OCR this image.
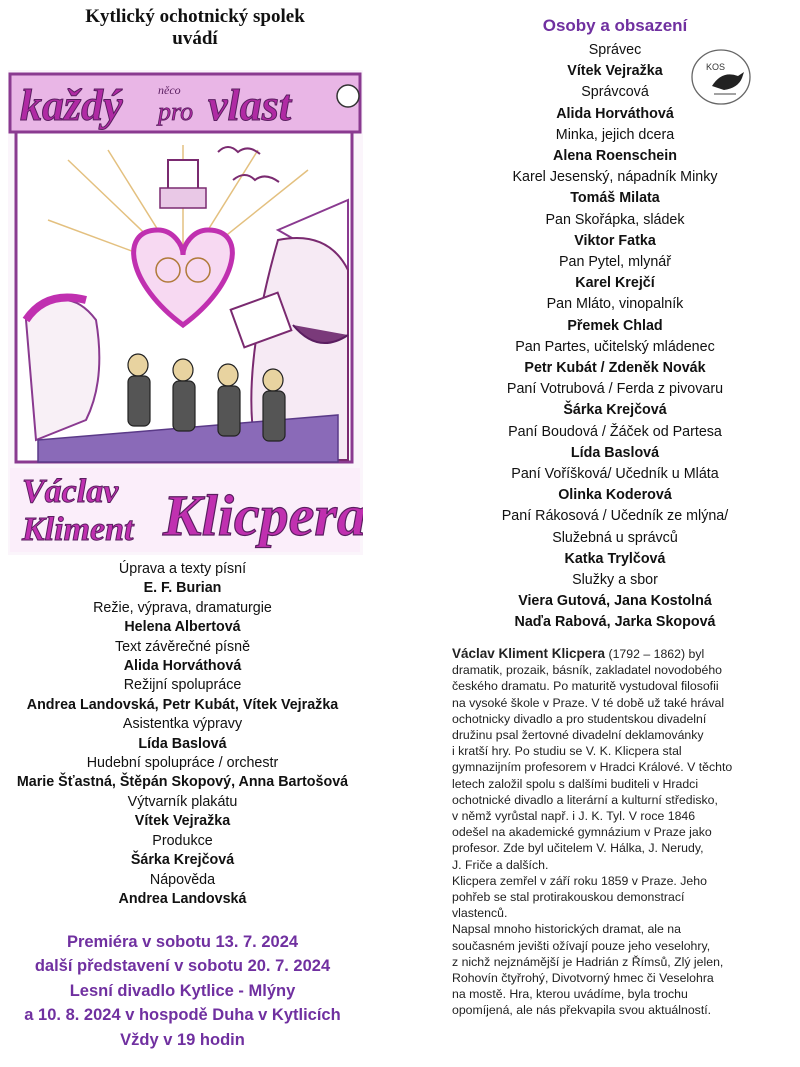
Kytlický ochotnický spolek
uvádí
každý	něco
pro vlast
Václav
Kliment Klicpera
Úprava a texty písní
E. F. Burian
Režie, výprava, dramaturgie
Helena Albertová
Text závěrečné písně
Alida Horváthová
Režijní spolupráce
Andrea Landovská, Petr Kubát, Vítek Vejražka
Asistentka výpravy
Lída Baslová
Hudební spolupráce / orchestr
Marie Šťastná, Štěpán Skopový, Anna Bartošová
Výtvarník plakátu
Vítek Vejražka
Produkce
Šárka Krejčová
Nápověda
Andrea Landovská
Premiéra v sobotu 13. 7. 2024
další představení v sobotu 20. 7. 2024
Lesní divadlo Kytlice - Mlýny
a 10. 8. 2024 v hospodě Duha v Kytlicích
Vždy v 19 hodin
Osoby a obsazení
KOS
Správec
Vítek Vejražka
Správcová
Alida Horváthová
Minka, jejich dcera
Alena Roenschein
Karel Jesenský, nápadník Minky
Tomáš Milata
Pan Skořápka, sládek
Viktor Fatka
Pan Pytel, mlynář
Karel Krejčí
Pan Mláto, vinopalník
Přemek Chlad
Pan Partes, učitelský mládenec
Petr Kubát / Zdeněk Novák
Paní Votrubová / Ferda z pivovaru
Šárka Krejčová
Paní Boudová / Žáček od Partesa
Lída Baslová
Paní Voříšková/ Učedník u Mláta
Olinka Koderová
Paní Rákosová / Učedník ze mlýna/
Služebná u správců
Katka Trylčová
Služky a sbor
Viera Gutová, Jana Kostolná
Naďa Rabová, Jarka Skopová
Václav Kliment Klicpera (1792 – 1862) byl
dramatik, prozaik, básník, zakladatel novodobého
českého dramatu. Po maturitě vystudoval filosofii
na vysoké škole v Praze. V té době už také hrával
ochotnicky divadlo a pro studentskou divadelní
družinu psal žertovné divadelní deklamovánky
i kratší hry. Po studiu se V. K. Klicpera stal
gymnazijním profesorem v Hradci Králové. V těchto
letech založil spolu s dalšími buditeli v Hradci
ochotnické divadlo a literární a kulturní středisko,
v němž vyrůstal např. i J. K. Tyl. V roce 1846
odešel na akademické gymnázium v Praze jako
profesor. Zde byl učitelem V. Hálka, J. Nerudy,
J. Friče a dalších.
Klicpera zemřel v září roku 1859 v Praze. Jeho
pohřeb se stal protirakouskou demonstrací
vlastenců.
Napsal mnoho historických dramat, ale na
současném jevišti ožívají pouze jeho veselohry,
z nichž nejznámější je Hadrián z Římsů, Zlý jelen,
Rohovín čtyřrohý, Divotvorný hmec či Veselohra
na mostě. Hra, kterou uvádíme, byla trochu
opomíjená, ale nás překvapila svou aktuálností.
